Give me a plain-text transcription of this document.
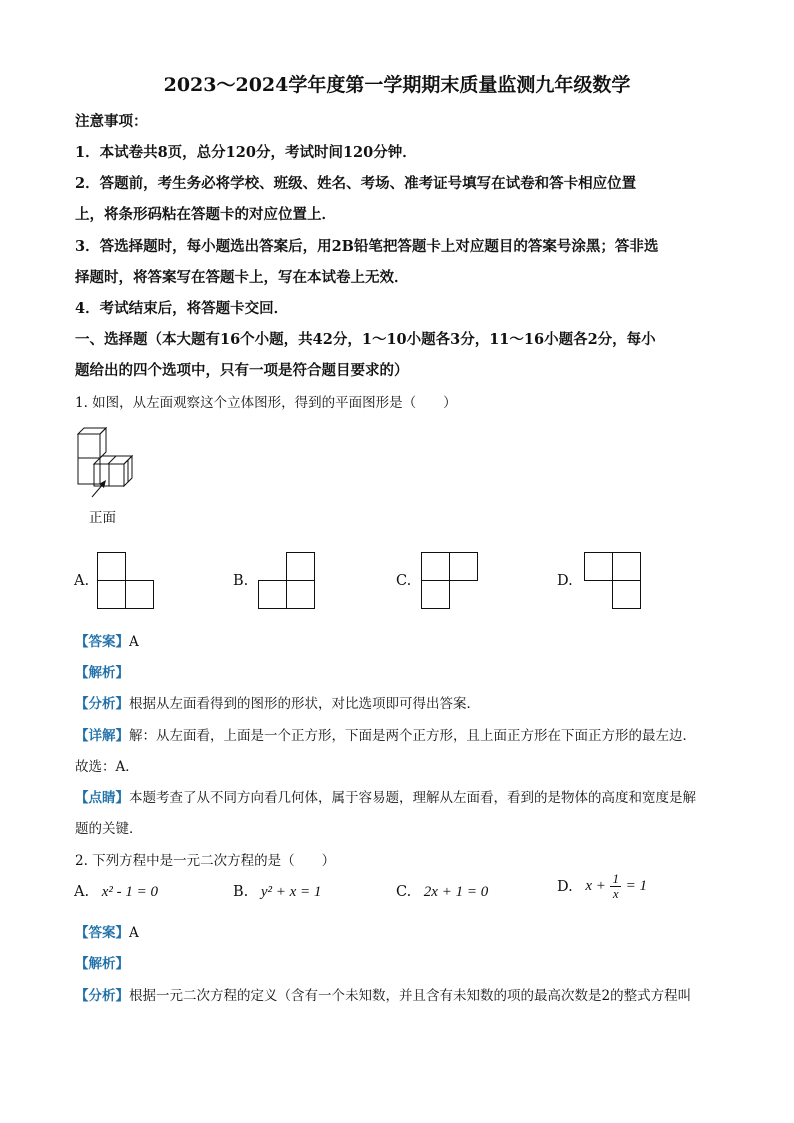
2023～2024学年度第一学期期末质量监测九年级数学
注意事项：
1．本试卷共8页，总分120分，考试时间120分钟．
2．答题前，考生务必将学校、班级、姓名、考场、准考证号填写在试卷和答卡相应位置
上，将条形码粘在答题卡的对应位置上．
3．答选择题时，每小题选出答案后，用2B铅笔把答题卡上对应题目的答案号涂黑；答非选
择题时，将答案写在答题卡上，写在本试卷上无效．
4．考试结束后，将答题卡交回．
一、选择题（本大题有16个小题，共42分，1～10小题各3分，11～16小题各2分，每小
题给出的四个选项中，只有一项是符合题目要求的）
1. 如图，从左面观察这个立体图形，得到的平面图形是（　　）
正面
A.	B.	C.	D.
【答案】A
【解析】
【分析】根据从左面看得到的图形的形状，对比选项即可得出答案．
【详解】解：从左面看，上面是一个正方形，下面是两个正方形，且上面正方形在下面正方形的最左边．
故选：A．
【点睛】本题考查了从不同方向看几何体，属于容易题，理解从左面看，看到的是物体的高度和宽度是解
题的关键．
2. 下列方程中是一元二次方程的是（　　）
A. x² - 1 = 0	B. y² + x = 1	C. 2x + 1 = 0	D. $x + \frac{1}{x} = 1$
【答案】A
【解析】
【分析】根据一元二次方程的定义（含有一个未知数，并且含有未知数的项的最高次数是2的整式方程叫
